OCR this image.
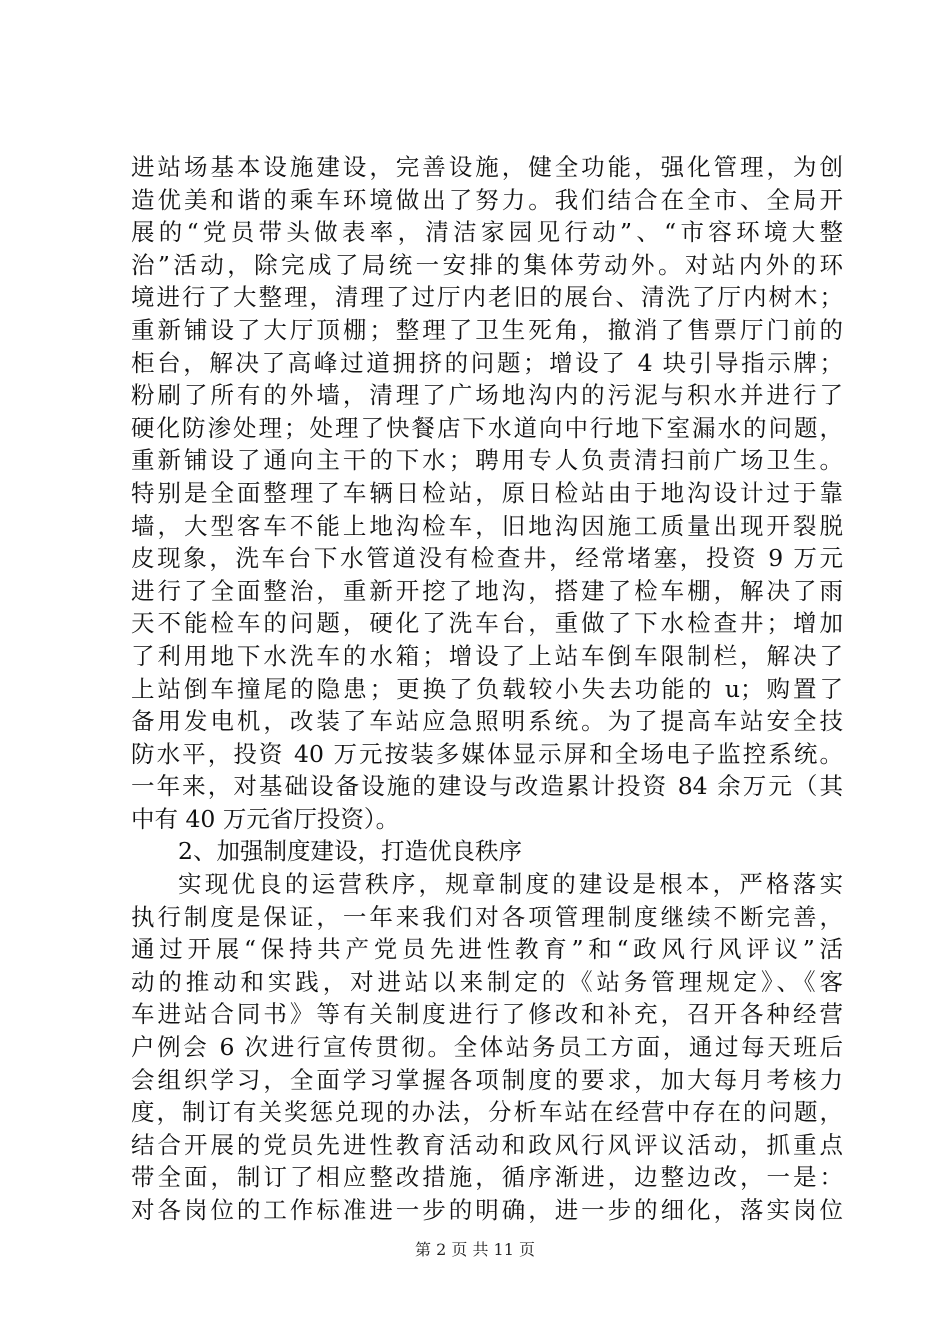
进站场基本设施建设，完善设施，健全功能，强化管理，为创
造优美和谐的乘车环境做出了努力。我们结合在全市、全局开
展的“党员带头做表率，清洁家园见行动”、“市容环境大整
治”活动，除完成了局统一安排的集体劳动外。对站内外的环
境进行了大整理，清理了过厅内老旧的展台、清洗了厅内树木；
重新铺设了大厅顶棚；整理了卫生死角，撤消了售票厅门前的
柜台，解决了高峰过道拥挤的问题；增设了 4 块引导指示牌；
粉刷了所有的外墙，清理了广场地沟内的污泥与积水并进行了
硬化防渗处理；处理了快餐店下水道向中行地下室漏水的问题，
重新铺设了通向主干的下水；聘用专人负责清扫前广场卫生。
特别是全面整理了车辆日检站，原日检站由于地沟设计过于靠
墙，大型客车不能上地沟检车，旧地沟因施工质量出现开裂脱
皮现象，洗车台下水管道没有检查井，经常堵塞，投资 9 万元
进行了全面整治，重新开挖了地沟，搭建了检车棚，解决了雨
天不能检车的问题，硬化了洗车台，重做了下水检查井；增加
了利用地下水洗车的水箱；增设了上站车倒车限制栏，解决了
上站倒车撞尾的隐患；更换了负载较小失去功能的 u；购置了
备用发电机，改装了车站应急照明系统。为了提高车站安全技
防水平，投资 40 万元按装多媒体显示屏和全场电子监控系统。
一年来，对基础设备设施的建设与改造累计投资 84 余万元（其
中有 40 万元省厅投资）。
2、加强制度建设，打造优良秩序
实现优良的运营秩序，规章制度的建设是根本，严格落实
执行制度是保证，一年来我们对各项管理制度继续不断完善，
通过开展“保持共产党员先进性教育”和“政风行风评议”活
动的推动和实践，对进站以来制定的《站务管理规定》、《客
车进站合同书》等有关制度进行了修改和补充，召开各种经营
户例会 6 次进行宣传贯彻。全体站务员工方面，通过每天班后
会组织学习，全面学习掌握各项制度的要求，加大每月考核力
度，制订有关奖惩兑现的办法，分析车站在经营中存在的问题，
结合开展的党员先进性教育活动和政风行风评议活动，抓重点
带全面，制订了相应整改措施，循序渐进，边整边改，一是：
对各岗位的工作标准进一步的明确，进一步的细化，落实岗位
第 2 页 共 11 页
